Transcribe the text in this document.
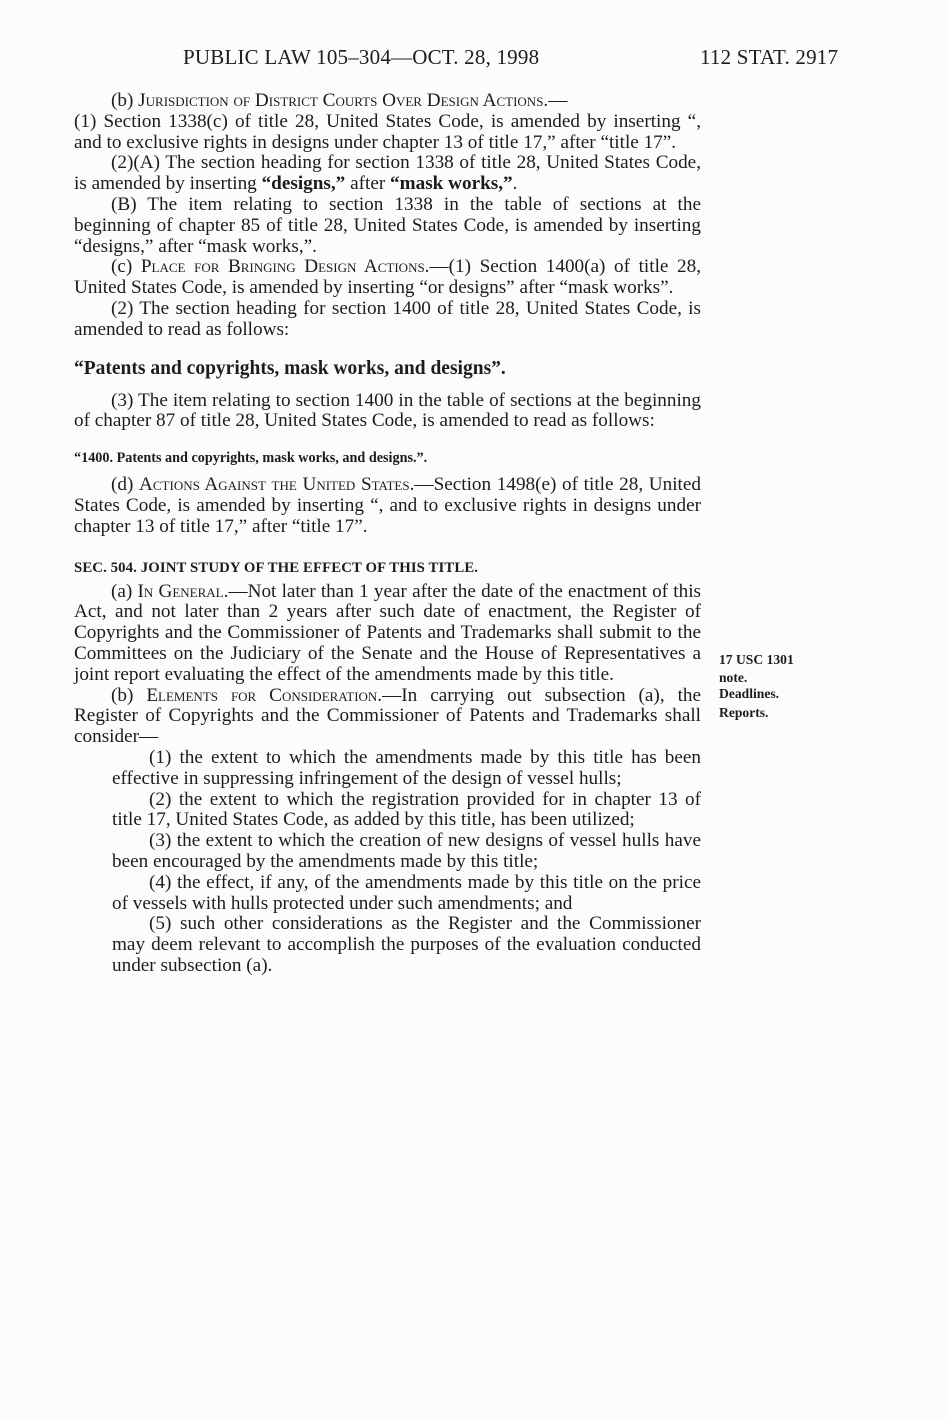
PUBLIC LAW 105–304—OCT. 28, 1998	112 STAT. 2917

(b) Jurisdiction of District Courts Over Design Actions.—

(1) Section 1338(c) of title 28, United States Code, is amended by inserting “, and to exclusive rights in designs under chapter 13 of title 17,” after “title 17”.

(2)(A) The section heading for section 1338 of title 28, United States Code, is amended by inserting “designs,” after “mask works,”.

(B) The item relating to section 1338 in the table of sections at the beginning of chapter 85 of title 28, United States Code, is amended by inserting “designs,” after “mask works,”.

(c) Place for Bringing Design Actions.—(1) Section 1400(a) of title 28, United States Code, is amended by inserting “or designs” after “mask works”.

(2) The section heading for section 1400 of title 28, United States Code, is amended to read as follows:

“Patents and copyrights, mask works, and designs”.

(3) The item relating to section 1400 in the table of sections at the beginning of chapter 87 of title 28, United States Code, is amended to read as follows:

“1400. Patents and copyrights, mask works, and designs.”.

(d) Actions Against the United States.—Section 1498(e) of title 28, United States Code, is amended by inserting “, and to exclusive rights in designs under chapter 13 of title 17,” after “title 17”.

SEC. 504. JOINT STUDY OF THE EFFECT OF THIS TITLE.

(a) In General.—Not later than 1 year after the date of the enactment of this Act, and not later than 2 years after such date of enactment, the Register of Copyrights and the Commissioner of Patents and Trademarks shall submit to the Committees on the Judiciary of the Senate and the House of Representatives a joint report evaluating the effect of the amendments made by this title.

(b) Elements for Consideration.—In carrying out subsection (a), the Register of Copyrights and the Commissioner of Patents and Trademarks shall consider—

(1) the extent to which the amendments made by this title has been effective in suppressing infringement of the design of vessel hulls;

(2) the extent to which the registration provided for in chapter 13 of title 17, United States Code, as added by this title, has been utilized;

(3) the extent to which the creation of new designs of vessel hulls have been encouraged by the amendments made by this title;

(4) the effect, if any, of the amendments made by this title on the price of vessels with hulls protected under such amendments; and

(5) such other considerations as the Register and the Commissioner may deem relevant to accomplish the purposes of the evaluation conducted under subsection (a).

17 USC 1301
note.
Deadlines.
Reports.
